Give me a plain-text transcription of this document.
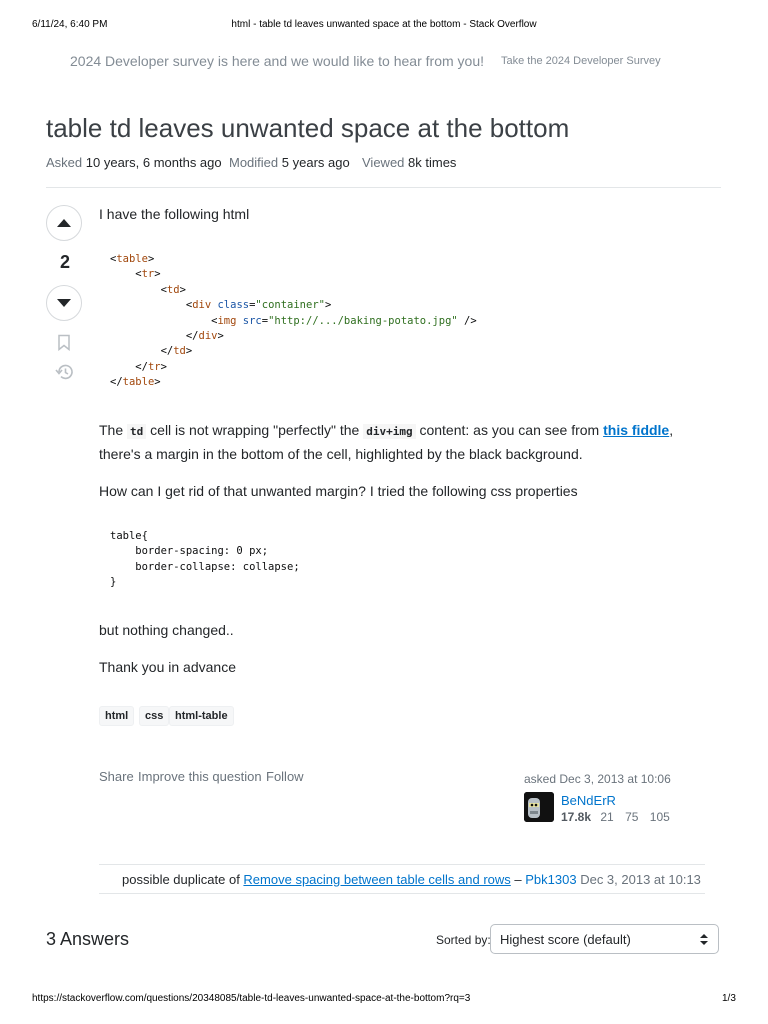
6/11/24, 6:40 PM	html - table td leaves unwanted space at the bottom - Stack Overflow
2024 Developer survey is here and we would like to hear from you! Take the 2024 Developer Survey
table td leaves unwanted space at the bottom
Asked 10 years, 6 months ago Modified 5 years ago Viewed 8k times
2

I have the following html

<table>
<tr>
<td>
<div class="container">
<img src="http://.../baking-potato.jpg" />
</div>
</td>
</tr>
</table>

The td cell is not wrapping "perfectly" the div+img content: as you can see from this fiddle,
there's a margin in the bottom of the cell, highlighted by the black background.

How can I get rid of that unwanted margin? I tried the following css properties

table{
border-spacing: 0 px;
border-collapse: collapse;
}

but nothing changed..

Thank you in advance

html	css	html-table
Share Improve this question Follow	asked Dec 3, 2013 at 10:06
BeNdErR
17.8k 21 75 105
possible duplicate of Remove spacing between table cells and rows – Pbk1303 Dec 3, 2013 at 10:13
3 Answers	Sorted by: Highest score (default)
https://stackoverflow.com/questions/20348085/table-td-leaves-unwanted-space-at-the-bottom?rq=3	1/3
